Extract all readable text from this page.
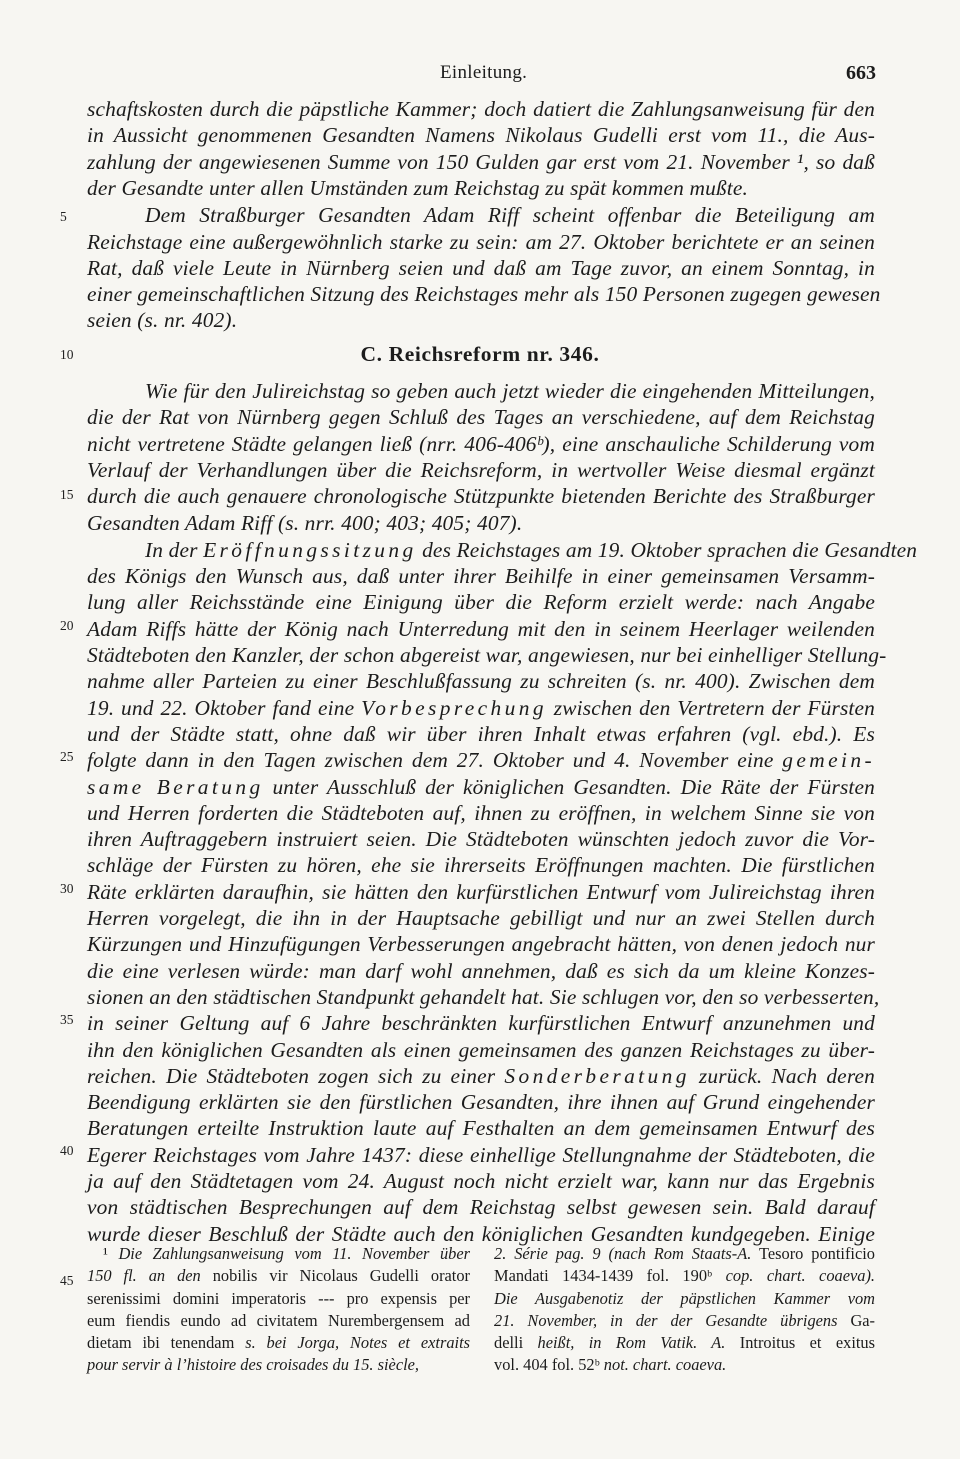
Einleitung.	663
schaftskosten durch die päpstliche Kammer; doch datiert die Zahlungsanweisung für den
in Aussicht genommenen Gesandten Namens Nikolaus Gudelli erst vom 11., die Aus-
zahlung der angewiesenen Summe von 150 Gulden gar erst vom 21. November ¹, so daß
der Gesandte unter allen Umständen zum Reichstag zu spät kommen mußte.
Dem Straßburger Gesandten Adam Riff scheint offenbar die Beteiligung am
Reichstage eine außergewöhnlich starke zu sein: am 27. Oktober berichtete er an seinen
Rat, daß viele Leute in Nürnberg seien und daß am Tage zuvor, an einem Sonntag, in
einer gemeinschaftlichen Sitzung des Reichstages mehr als 150 Personen zugegen gewesen
seien (s. nr. 402).
Wie für den Julireichstag so geben auch jetzt wieder die eingehenden Mitteilungen,
die der Rat von Nürnberg gegen Schluß des Tages an verschiedene, auf dem Reichstag
nicht vertretene Städte gelangen ließ (nrr. 406-406ᵇ), eine anschauliche Schilderung vom
Verlauf der Verhandlungen über die Reichsreform, in wertvoller Weise diesmal ergänzt
durch die auch genauere chronologische Stützpunkte bietenden Berichte des Straßburger
Gesandten Adam Riff (s. nrr. 400; 403; 405; 407).
In der Eröffnungssitzung des Reichstages am 19. Oktober sprachen die Gesandten
des Königs den Wunsch aus, daß unter ihrer Beihilfe in einer gemeinsamen Versamm-
lung aller Reichsstände eine Einigung über die Reform erzielt werde: nach Angabe
Adam Riffs hätte der König nach Unterredung mit den in seinem Heerlager weilenden
Städteboten den Kanzler, der schon abgereist war, angewiesen, nur bei einhelliger Stellung-
nahme aller Parteien zu einer Beschlußfassung zu schreiten (s. nr. 400). Zwischen dem
19. und 22. Oktober fand eine Vorbesprechung zwischen den Vertretern der Fürsten
und der Städte statt, ohne daß wir über ihren Inhalt etwas erfahren (vgl. ebd.). Es
folgte dann in den Tagen zwischen dem 27. Oktober und 4. November eine gemein-
same Beratung unter Ausschluß der königlichen Gesandten. Die Räte der Fürsten
und Herren forderten die Städteboten auf, ihnen zu eröffnen, in welchem Sinne sie von
ihren Auftraggebern instruiert seien. Die Städteboten wünschten jedoch zuvor die Vor-
schläge der Fürsten zu hören, ehe sie ihrerseits Eröffnungen machten. Die fürstlichen
Räte erklärten daraufhin, sie hätten den kurfürstlichen Entwurf vom Julireichstag ihren
Herren vorgelegt, die ihn in der Hauptsache gebilligt und nur an zwei Stellen durch
Kürzungen und Hinzufügungen Verbesserungen angebracht hätten, von denen jedoch nur
die eine verlesen würde: man darf wohl annehmen, daß es sich da um kleine Konzes-
sionen an den städtischen Standpunkt gehandelt hat. Sie schlugen vor, den so verbesserten,
in seiner Geltung auf 6 Jahre beschränkten kurfürstlichen Entwurf anzunehmen und
ihn den königlichen Gesandten als einen gemeinsamen des ganzen Reichstages zu über-
reichen. Die Städteboten zogen sich zu einer Sonderberatung zurück. Nach deren
Beendigung erklärten sie den fürstlichen Gesandten, ihre ihnen auf Grund eingehender
Beratungen erteilte Instruktion laute auf Festhalten an dem gemeinsamen Entwurf des
Egerer Reichstages vom Jahre 1437: diese einhellige Stellungnahme der Städteboten, die
ja auf den Städtetagen vom 24. August noch nicht erzielt war, kann nur das Ergebnis
von städtischen Besprechungen auf dem Reichstag selbst gewesen sein. Bald darauf
wurde dieser Beschluß der Städte auch den königlichen Gesandten kundgegeben. Einige
C. Reichsreform nr. 346.
5
10
15
20
25
30
35
40
45
¹ Die Zahlungsanweisung vom 11. November über
150 fl. an den nobilis vir Nicolaus Gudelli orator
serenissimi domini imperatoris --- pro expensis per
eum fiendis eundo ad civitatem Nurembergensem ad
dietam ibi tenendam s. bei Jorga, Notes et extraits
pour servir à l’histoire des croisades du 15. siècle,
2. Série pag. 9 (nach Rom Staats-A. Tesoro pontificio
Mandati 1434-1439 fol. 190ᵇ cop. chart. coaeva).
Die Ausgabenotiz der päpstlichen Kammer vom
21. November, in der der Gesandte übrigens Ga-
delli heißt, in Rom Vatik. A. Introitus et exitus
vol. 404 fol. 52ᵇ not. chart. coaeva.
